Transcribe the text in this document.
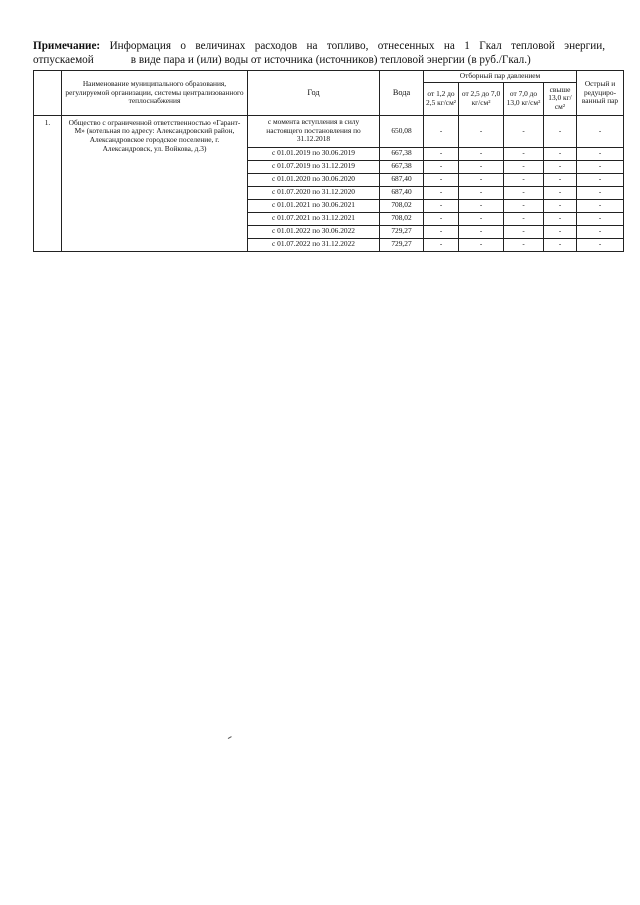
Примечание: Информация о величинах расходов на топливо, отнесенных на 1 Гкал тепловой энергии,
отпускаемой	в виде пара и (или) воды от источника (источников) тепловой энергии (в руб./Гкал.)
	Наименование муниципального образования, регулируемой организации, системы централизованного теплоснабжения	Год	Вода	Отборный пар давлением				Острый и редуциро-ванный пар
				от 1,2 до 2,5 кг/см²	от 2,5 до 7,0 кг/см²	от 7,0 до 13,0 кг/см²	свыше 13,0 кг/см²	
1.	Общество с ограниченной ответственностью «Гарант-М» (котельная по адресу: Александровский район, Александровское городское поселение, г. Александровск, ул. Войкова, д.3)	с момента вступления в силу настоящего постановления по 31.12.2018	650,08	-	-	-	-	-
		с 01.01.2019 по 30.06.2019	667,38	-	-	-	-	-
		с 01.07.2019 по 31.12.2019	667,38	-	-	-	-	-
		с 01.01.2020 по 30.06.2020	687,40	-	-	-	-	-
		с 01.07.2020 по 31.12.2020	687,40	-	-	-	-	-
		с 01.01.2021 по 30.06.2021	708,02	-	-	-	-	-
		с 01.07.2021 по 31.12.2021	708,02	-	-	-	-	-
		с 01.01.2022 по 30.06.2022	729,27	-	-	-	-	-
		с 01.07.2022 по 31.12.2022	729,27	-	-	-	-	-
